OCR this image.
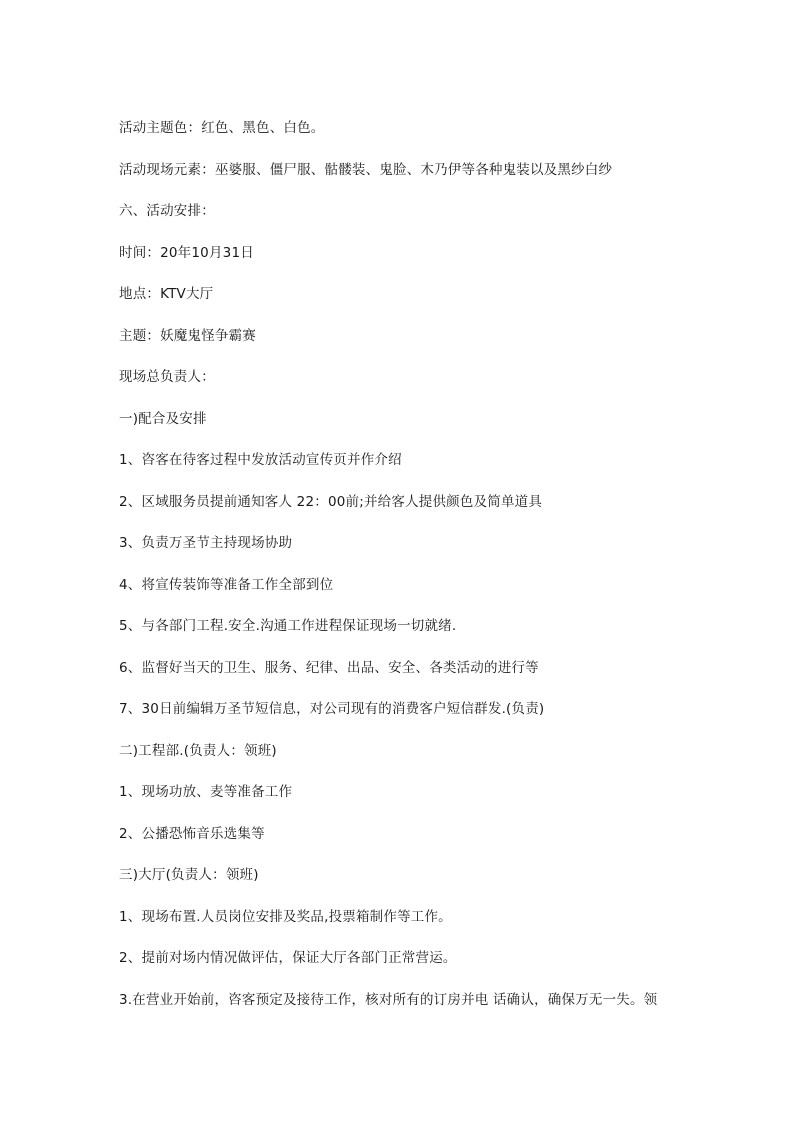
活动主题色：红色、黑色、白色。
活动现场元素：巫婆服、僵尸服、骷髅装、鬼脸、木乃伊等各种鬼装以及黑纱白纱
六、活动安排：
时间：20年10月31日
地点：KTV大厅
主题：妖魔鬼怪争霸赛
现场总负责人：
一)配合及安排
1、咨客在待客过程中发放活动宣传页并作介绍
2、区域服务员提前通知客人 22：00前;并给客人提供颜色及简单道具
3、负责万圣节主持现场协助
4、将宣传装饰等准备工作全部到位
5、与各部门工程.安全.沟通工作进程保证现场一切就绪.
6、监督好当天的卫生、服务、纪律、出品、安全、各类活动的进行等
7、30日前编辑万圣节短信息，对公司现有的消费客户短信群发.(负责)
二)工程部.(负责人：领班)
1、现场功放、麦等准备工作
2、公播恐怖音乐选集等
三)大厅(负责人：领班)
1、现场布置.人员岗位安排及奖品,投票箱制作等工作。
2、提前对场内情况做评估，保证大厅各部门正常营运。
3.在营业开始前，咨客预定及接待工作，核对所有的订房并电 话确认，确保万无一失。领
